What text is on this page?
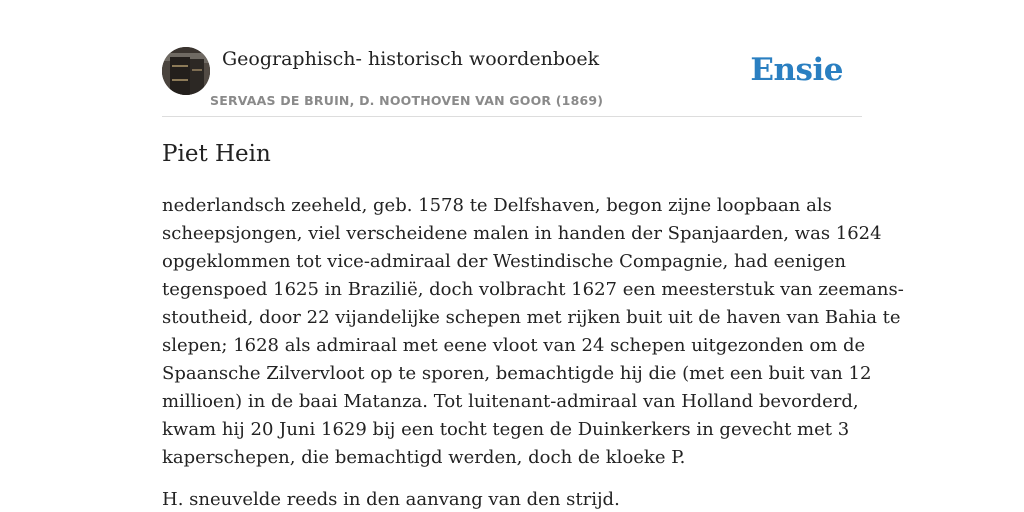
Geographisch- historisch woordenboek
SERVAAS DE BRUIN, D. NOOTHOVEN VAN GOOR (1869)
Ensie
Piet Hein

nederlandsch zeeheld, geb. 1578 te Delfshaven, begon zijne loopbaan als
scheepsjongen, viel verscheidene malen in handen der Spanjaarden, was 1624
opgeklommen tot vice-admiraal der Westindische Compagnie, had eenigen
tegenspoed 1625 in Brazilië, doch volbracht 1627 een meesterstuk van zeemans-
stoutheid, door 22 vijandelijke schepen met rijken buit uit de haven van Bahia te
slepen; 1628 als admiraal met eene vloot van 24 schepen uitgezonden om de
Spaansche Zilvervloot op te sporen, bemachtigde hij die (met een buit van 12
millioen) in de baai Matanza. Tot luitenant-admiraal van Holland bevorderd,
kwam hij 20 Juni 1629 bij een tocht tegen de Duinkerkers in gevecht met 3
kaperschepen, die bemachtigd werden, doch de kloeke P.

H. sneuvelde reeds in den aanvang van den strijd.
